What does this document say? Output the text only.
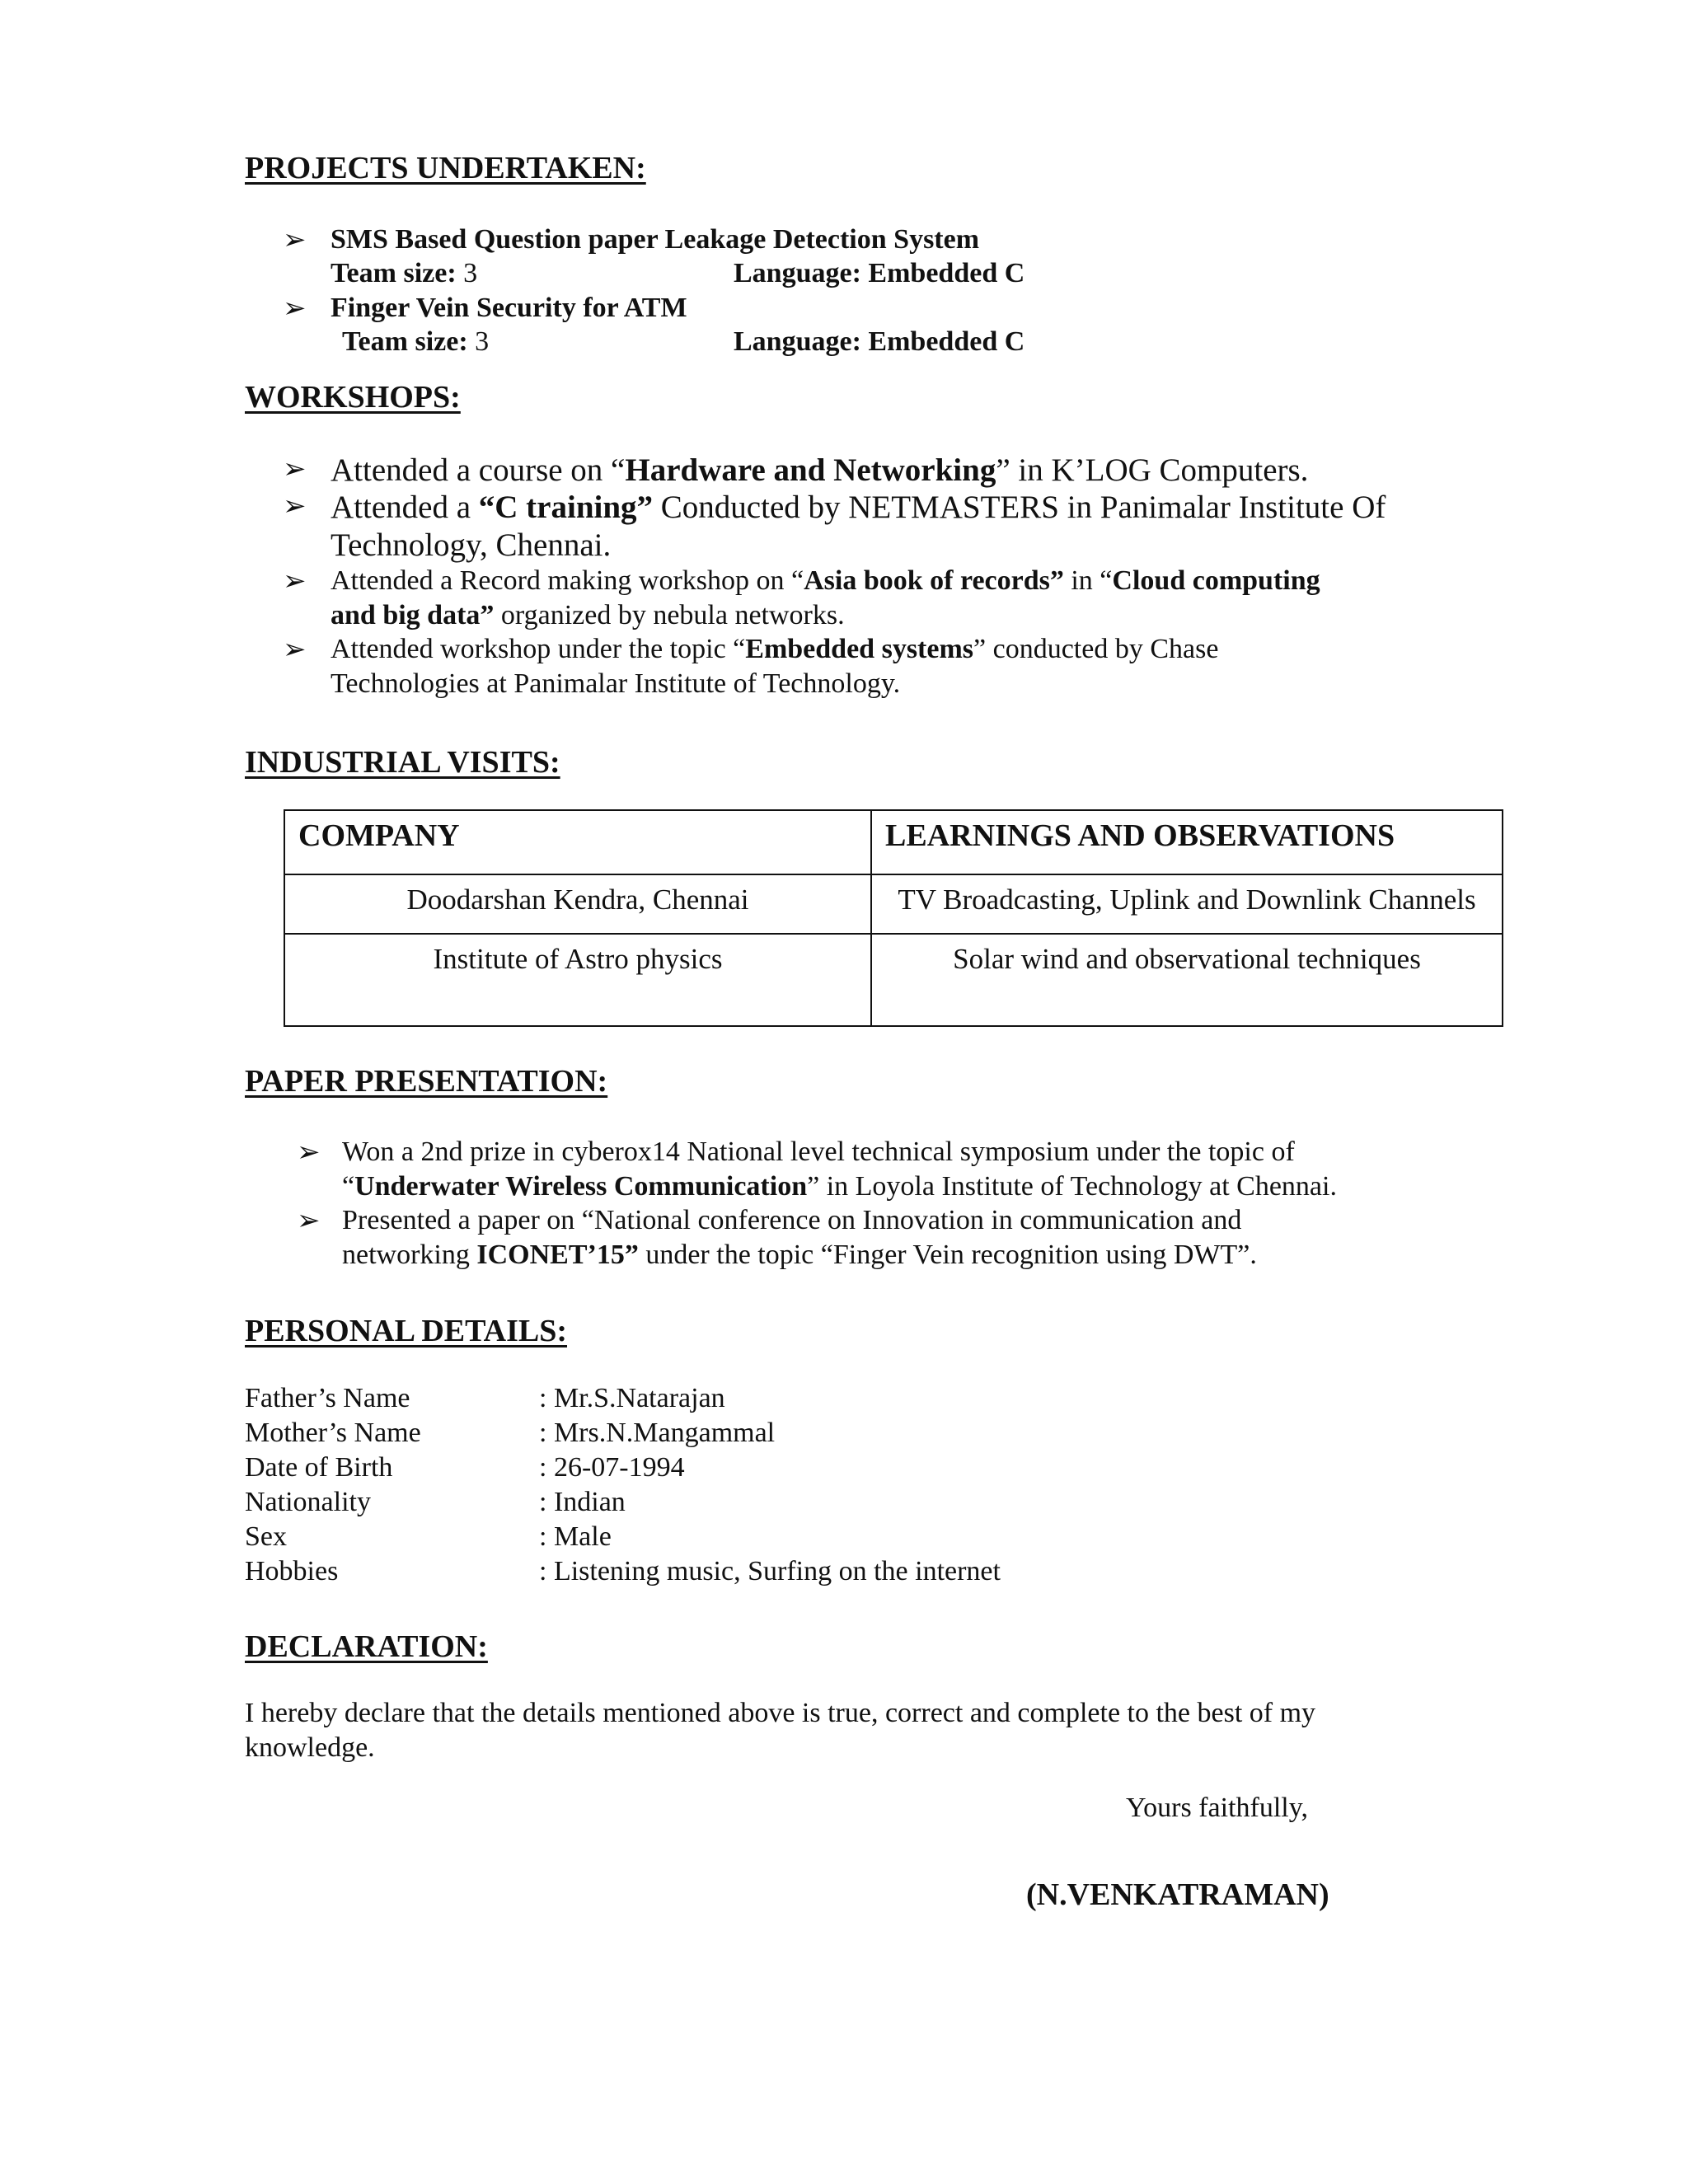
PROJECTS UNDERTAKEN:
➢ SMS Based Question paper Leakage Detection System
Team size: 3	Language: Embedded C
➢ Finger Vein Security for ATM
Team size: 3	Language: Embedded C
WORKSHOPS:
➢ Attended a course on “Hardware and Networking” in K’LOG Computers.
➢ Attended a “C training” Conducted by NETMASTERS in Panimalar Institute Of
Technology, Chennai.
➢ Attended a Record making workshop on “Asia book of records” in “Cloud computing
and big data” organized by nebula networks.
➢ Attended workshop under the topic “Embedded systems” conducted by Chase
Technologies at Panimalar Institute of Technology.
INDUSTRIAL VISITS:
COMPANY	LEARNINGS AND OBSERVATIONS
Doodarshan Kendra, Chennai	TV Broadcasting, Uplink and Downlink Channels
Institute of Astro physics	Solar wind and observational techniques
PAPER PRESENTATION:
➢ Won a 2nd prize in cyberox14 National level technical symposium under the topic of
“Underwater Wireless Communication” in Loyola Institute of Technology at Chennai.
➢ Presented a paper on “National conference on Innovation in communication and
networking ICONET’15” under the topic “Finger Vein recognition using DWT”.
PERSONAL DETAILS:
Father’s Name	: Mr.S.Natarajan
Mother’s Name	: Mrs.N.Mangammal
Date of Birth	: 26-07-1994
Nationality	: Indian
Sex	: Male
Hobbies	: Listening music, Surfing on the internet
DECLARATION:
I hereby declare that the details mentioned above is true, correct and complete to the best of my
knowledge.
Yours faithfully,
(N.VENKATRAMAN)
